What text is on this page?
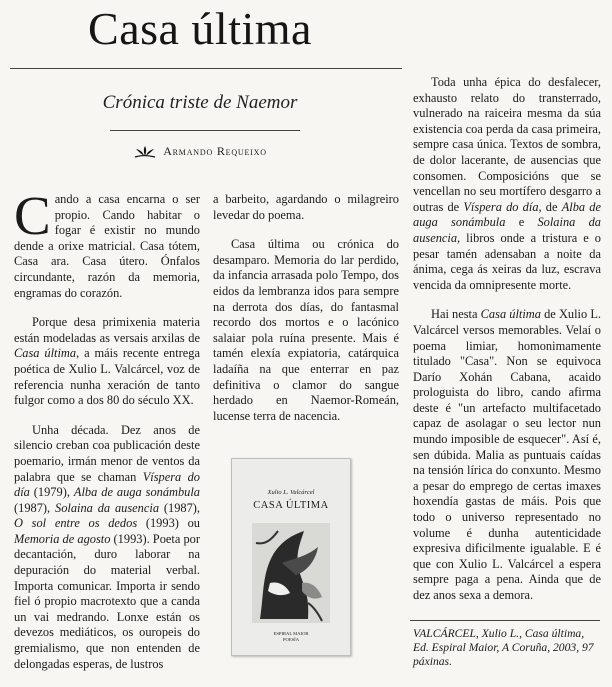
Casa última
Crónica triste de Naemor
Armando Requeixo

Cando a casa encarna o ser propio. Cando habitar o fogar é existir no mundo dende a orixe matricial. Casa tótem, Casa ara. Casa útero. Ónfalos circundante, razón da memoria, engramas do corazón.

Porque desa primixenia materia están modeladas as versais arxilas de Casa última, a máis recente entrega poética de Xulio L. Valcárcel, voz de referencia nunha xeración de tanto fulgor como a dos 80 do século XX.

Unha década. Dez anos de silencio creban coa publicación deste poemario, irmán menor de ventos da palabra que se chaman Víspera do día (1979), Alba de auga sonámbula (1987), Solaina da ausencia (1987), O sol entre os dedos (1993) ou Memoria de agosto (1993). Poeta por decantación, duro laborar na depuración do material verbal. Importa comunicar. Importa ir sendo fiel ó propio macrotexto que a canda un vai medrando. Lonxe están os devezos mediáticos, os ouropeis do gremialismo, que non entenden de delongadas esperas, de lustros

a barbeito, agardando o milagreiro levedar do poema.

Casa última ou crónica do desamparo. Memoria do lar perdido, da infancia arrasada polo Tempo, dos eidos da lembranza idos para sempre na derrota dos días, do fantasmal recordo dos mortos e o lacónico salaiar pola ruína presente. Mais é tamén elexía expiatoria, catárquica ladaíña na que enterrar en paz definitiva o clamor do sangue herdado en Naemor-Romeán, lucense terra de nacencia.

Xulio L. Valcárcel
CASA ÚLTIMA
ESPIRAL MAIOR
POESÍA

Toda unha épica do desfalecer, exhausto relato do transterrado, vulnerado na raiceira mesma da súa existencia coa perda da casa primeira, sempre casa única. Textos de sombra, de dolor lacerante, de ausencias que consomen. Composicións que se vencellan no seu mortífero desgarro a outras de Víspera do día, de Alba de auga sonámbula e Solaina da ausencia, libros onde a tristura e o pesar tamén adensaban a noite da ánima, cega ás xeiras da luz, escrava vencida da omnipresente morte.

Hai nesta Casa última de Xulio L. Valcárcel versos memorables. Velaí o poema limiar, homonimamente titulado "Casa". Non se equivoca Darío Xohán Cabana, acaido prologuista do libro, cando afirma deste é "un artefacto multifacetado capaz de asolagar o seu lector nun mundo imposible de esquecer". Así é, sen dúbida. Malia as puntuais caídas na tensión lírica do conxunto. Mesmo a pesar do emprego de certas imaxes hoxendía gastas de máis. Pois que todo o universo representado no volume é dunha autenticidade expresiva dificilmente igualable. E é que con Xulio L. Valcárcel a espera sempre paga a pena. Ainda que de dez anos sexa a demora.

VALCÁRCEL, Xulio L., Casa última, Ed. Espiral Maior, A Coruña, 2003, 97 páxinas.
